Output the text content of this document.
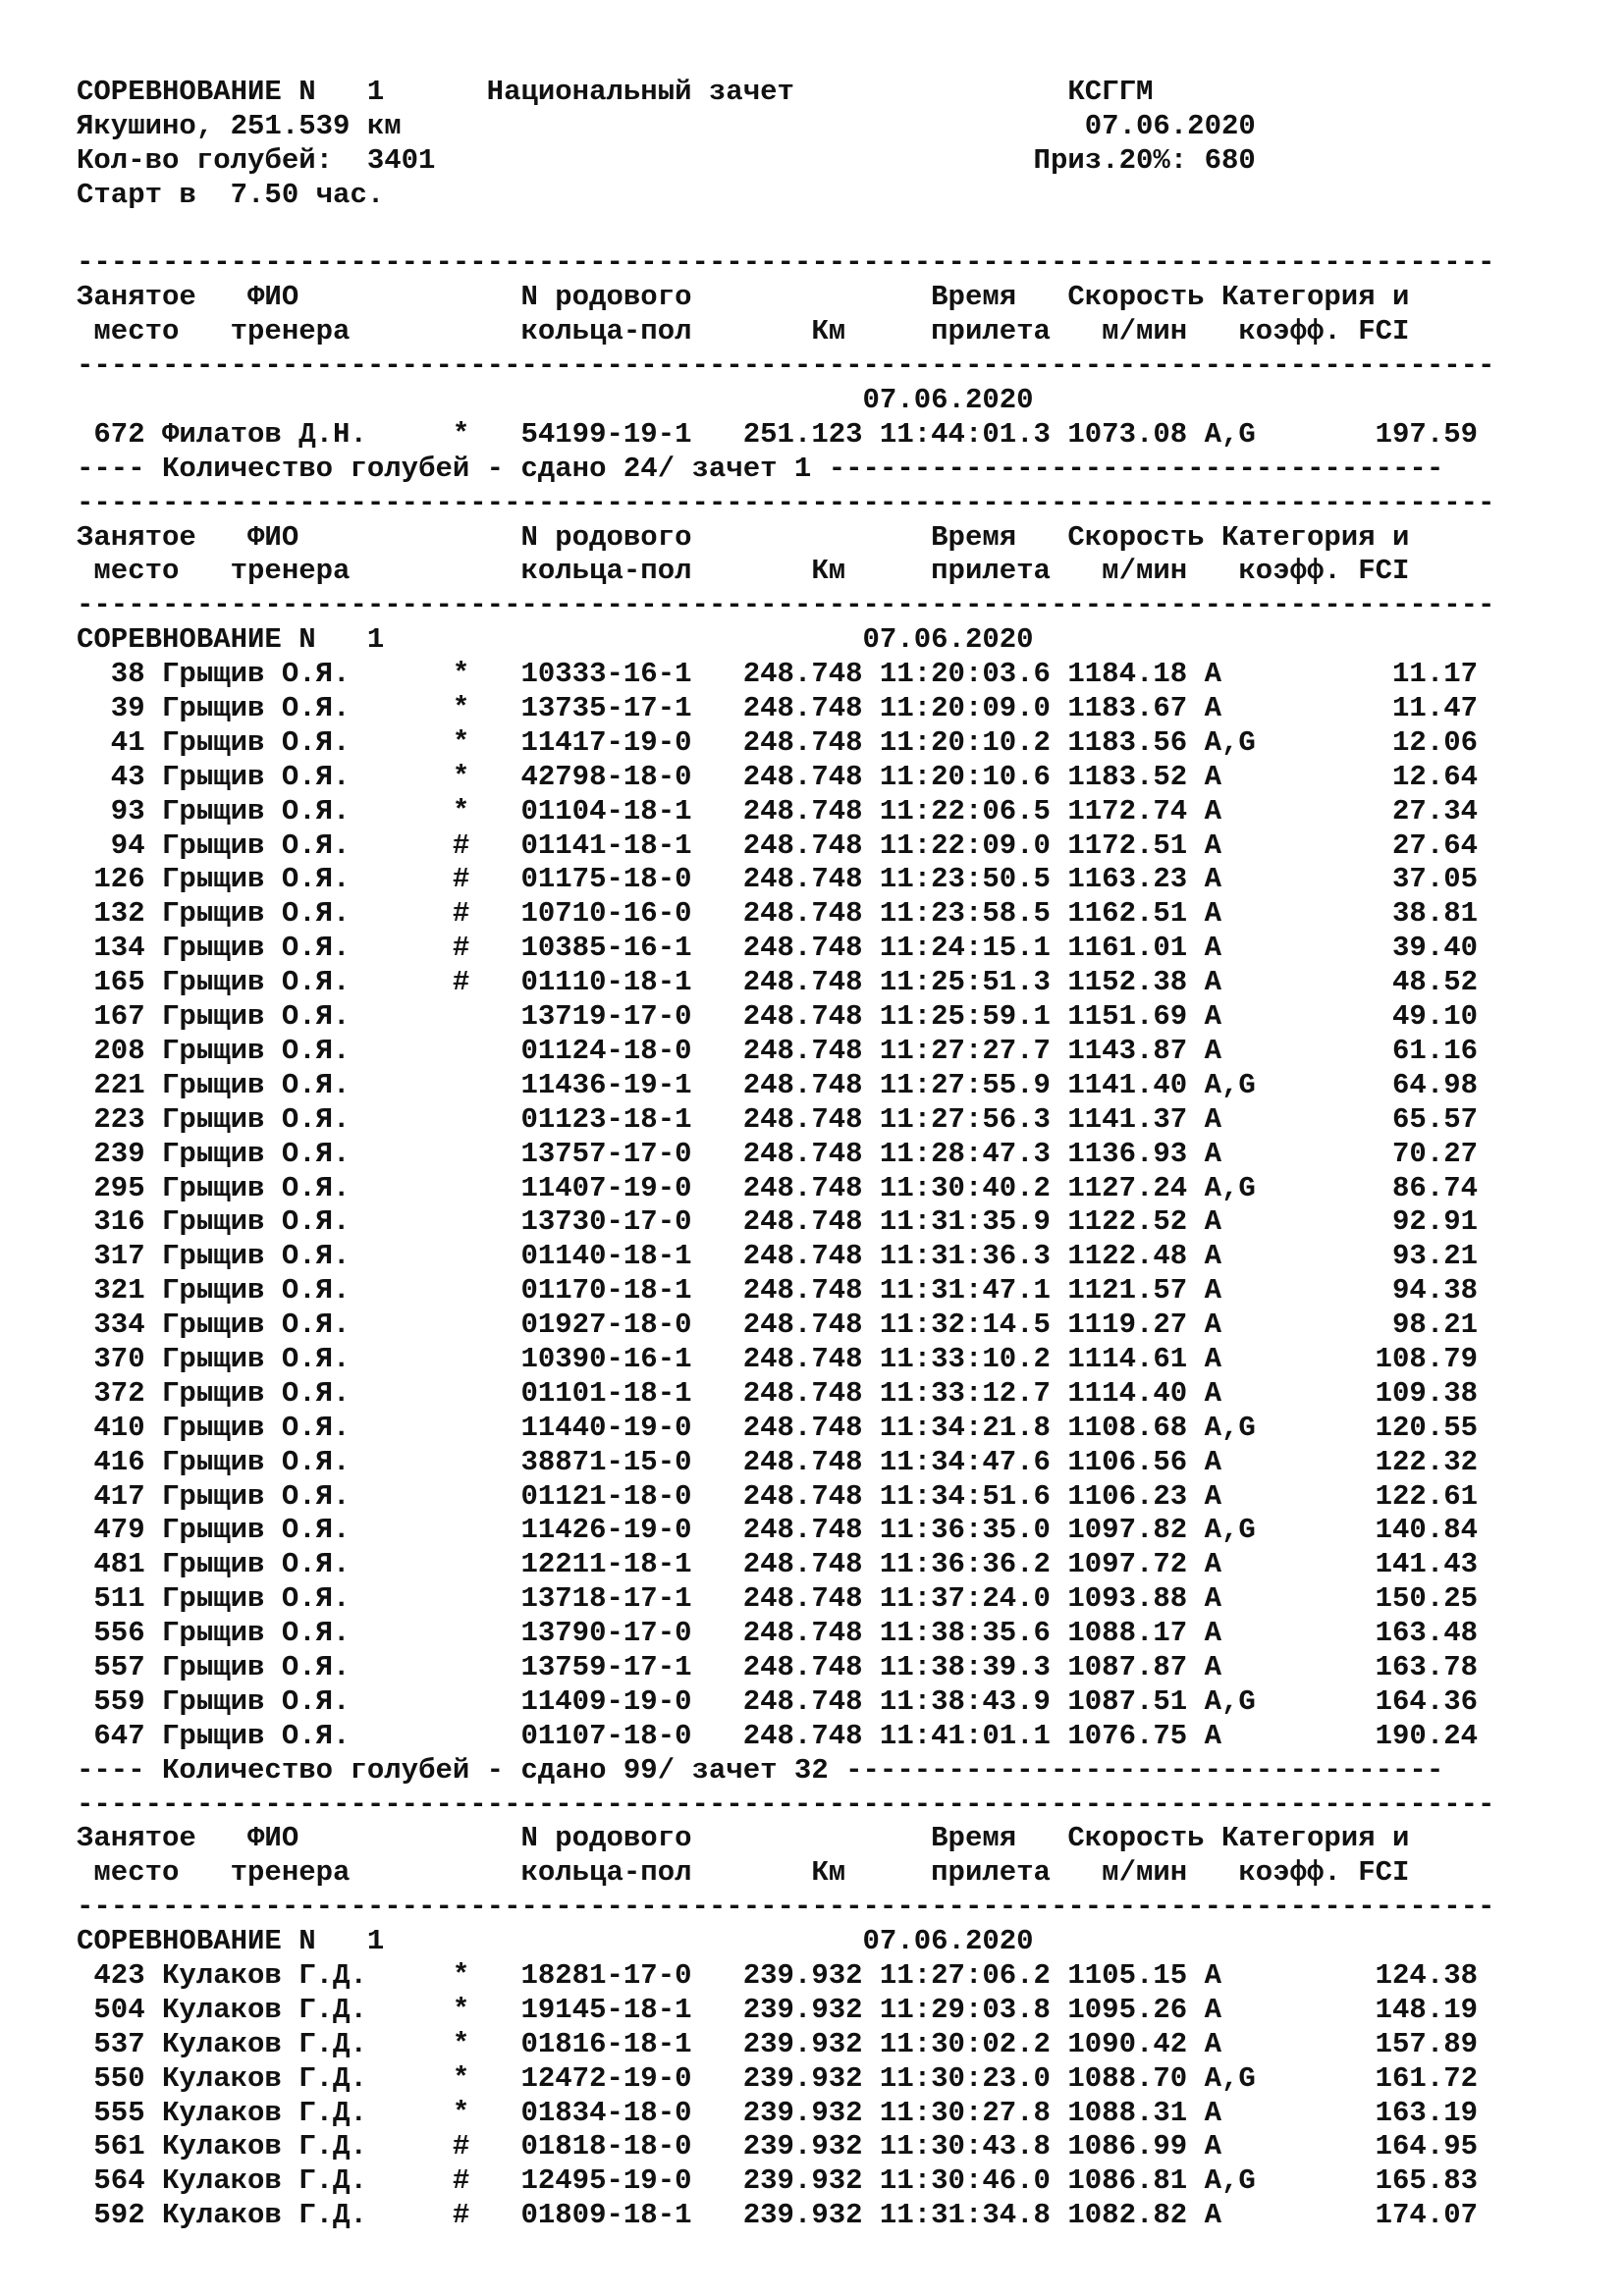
СОРЕВНОВАНИЕ N   1      Национальный зачет                КСГГМ
Якушино, 251.539 км                                        07.06.2020
Кол-во голубей:  3401                                   Приз.20%: 680
Старт в  7.50 час.
-----------------------------------------------------------------------------------
Занятое   ФИО             N родового              Время   Скорость Категория и
место   тренера          кольца-пол       Км     прилета   м/мин   коэфф. FCI
-----------------------------------------------------------------------------------
07.06.2020
672 Филатов Д.Н.     *   54199-19-1   251.123 11:44:01.3 1073.08 A,G       197.59
---- Количество голубей - сдано 24/ зачет 1 ------------------------------------
-----------------------------------------------------------------------------------
Занятое   ФИО             N родового              Время   Скорость Категория и
место   тренера          кольца-пол       Км     прилета   м/мин   коэфф. FCI
-----------------------------------------------------------------------------------
СОРЕВНОВАНИЕ N   1                            07.06.2020
38 Грыщив О.Я.      *   10333-16-1   248.748 11:20:03.6 1184.18 A          11.17
39 Грыщив О.Я.      *   13735-17-1   248.748 11:20:09.0 1183.67 A          11.47
41 Грыщив О.Я.      *   11417-19-0   248.748 11:20:10.2 1183.56 A,G        12.06
43 Грыщив О.Я.      *   42798-18-0   248.748 11:20:10.6 1183.52 A          12.64
93 Грыщив О.Я.      *   01104-18-1   248.748 11:22:06.5 1172.74 A          27.34
94 Грыщив О.Я.      #   01141-18-1   248.748 11:22:09.0 1172.51 A          27.64
126 Грыщив О.Я.      #   01175-18-0   248.748 11:23:50.5 1163.23 A          37.05
132 Грыщив О.Я.      #   10710-16-0   248.748 11:23:58.5 1162.51 A          38.81
134 Грыщив О.Я.      #   10385-16-1   248.748 11:24:15.1 1161.01 A          39.40
165 Грыщив О.Я.      #   01110-18-1   248.748 11:25:51.3 1152.38 A          48.52
167 Грыщив О.Я.          13719-17-0   248.748 11:25:59.1 1151.69 A          49.10
208 Грыщив О.Я.          01124-18-0   248.748 11:27:27.7 1143.87 A          61.16
221 Грыщив О.Я.          11436-19-1   248.748 11:27:55.9 1141.40 A,G        64.98
223 Грыщив О.Я.          01123-18-1   248.748 11:27:56.3 1141.37 A          65.57
239 Грыщив О.Я.          13757-17-0   248.748 11:28:47.3 1136.93 A          70.27
295 Грыщив О.Я.          11407-19-0   248.748 11:30:40.2 1127.24 A,G        86.74
316 Грыщив О.Я.          13730-17-0   248.748 11:31:35.9 1122.52 A          92.91
317 Грыщив О.Я.          01140-18-1   248.748 11:31:36.3 1122.48 A          93.21
321 Грыщив О.Я.          01170-18-1   248.748 11:31:47.1 1121.57 A          94.38
334 Грыщив О.Я.          01927-18-0   248.748 11:32:14.5 1119.27 A          98.21
370 Грыщив О.Я.          10390-16-1   248.748 11:33:10.2 1114.61 A         108.79
372 Грыщив О.Я.          01101-18-1   248.748 11:33:12.7 1114.40 A         109.38
410 Грыщив О.Я.          11440-19-0   248.748 11:34:21.8 1108.68 A,G       120.55
416 Грыщив О.Я.          38871-15-0   248.748 11:34:47.6 1106.56 A         122.32
417 Грыщив О.Я.          01121-18-0   248.748 11:34:51.6 1106.23 A         122.61
479 Грыщив О.Я.          11426-19-0   248.748 11:36:35.0 1097.82 A,G       140.84
481 Грыщив О.Я.          12211-18-1   248.748 11:36:36.2 1097.72 A         141.43
511 Грыщив О.Я.          13718-17-1   248.748 11:37:24.0 1093.88 A         150.25
556 Грыщив О.Я.          13790-17-0   248.748 11:38:35.6 1088.17 A         163.48
557 Грыщив О.Я.          13759-17-1   248.748 11:38:39.3 1087.87 A         163.78
559 Грыщив О.Я.          11409-19-0   248.748 11:38:43.9 1087.51 A,G       164.36
647 Грыщив О.Я.          01107-18-0   248.748 11:41:01.1 1076.75 A         190.24
---- Количество голубей - сдано 99/ зачет 32 -----------------------------------
-----------------------------------------------------------------------------------
Занятое   ФИО             N родового              Время   Скорость Категория и
место   тренера          кольца-пол       Км     прилета   м/мин   коэфф. FCI
-----------------------------------------------------------------------------------
СОРЕВНОВАНИЕ N   1                            07.06.2020
423 Кулаков Г.Д.     *   18281-17-0   239.932 11:27:06.2 1105.15 A         124.38
504 Кулаков Г.Д.     *   19145-18-1   239.932 11:29:03.8 1095.26 A         148.19
537 Кулаков Г.Д.     *   01816-18-1   239.932 11:30:02.2 1090.42 A         157.89
550 Кулаков Г.Д.     *   12472-19-0   239.932 11:30:23.0 1088.70 A,G       161.72
555 Кулаков Г.Д.     *   01834-18-0   239.932 11:30:27.8 1088.31 A         163.19
561 Кулаков Г.Д.     #   01818-18-0   239.932 11:30:43.8 1086.99 A         164.95
564 Кулаков Г.Д.     #   12495-19-0   239.932 11:30:46.0 1086.81 A,G       165.83
592 Кулаков Г.Д.     #   01809-18-1   239.932 11:31:34.8 1082.82 A         174.07
